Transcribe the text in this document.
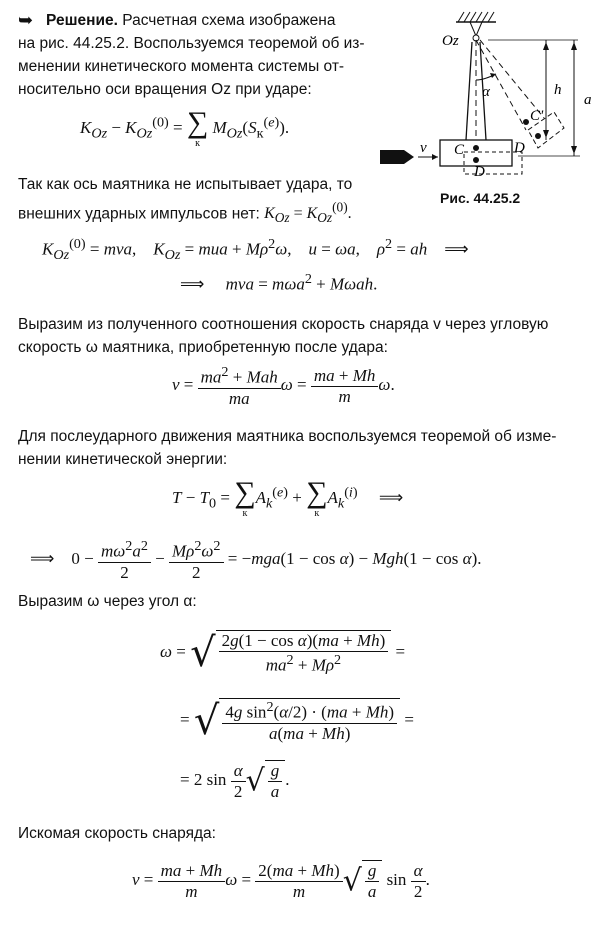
➥ Решение. Расчетная схема изображена
на рис. 44.25.2. Воспользуемся теоремой об из-
менении кинетического момента системы от-
носительно оси вращения Oz при ударе:
$K_{Oz} - K_{Oz}^{(0)}$ = ∑
к
$M_{Oz}(S_к^{(e)})$.
Oz
α	h
a
v C
D
C'
D
Рис. 44.25.2
Так как ось маятника не испытывает удара, то
внешних ударных импульсов нет: $K_{Oz} = K_{Oz}^{(0)}$.
$K_{Oz}^{(0)}$ = mva,    $K_{Oz}$ = mua + $M\rho^2\omega$,    u = ωa,    $\rho^2$ = ah    ⟹
⟹     mva = mωa$^2$ + Mωah.
Выразим из полученного соотношения скорость снаряда v через угловую
скорость ω маятника, приобретенную после удара:
$v = \frac{ma^2 + Mah}{ma}$ $\omega = \frac{ma + Mh}{m} \omega$.
Для послеударного движения маятника воспользуемся теоремой об изме-
нении кинетической энергии:
$T - T_0$ = ∑
к
$A_k^{(e)}$ + ∑
к
$A_k^{(i)}$     ⟹
⟹    $0 - \frac{m\omega^2a^2}{2} - \frac{M\rho^2\omega^2}{2} = -mga(1 - \cos \alpha) - Mgh(1 - \cos \alpha)$.
Выразим ω через угол α:
ω = √ $\frac{\text{2g(1 − cos α)(ma + Mh)}}{ma^2 + M\rho^2}$ =
= √ $\frac{4g \sin^2(\alpha/2) \cdot (ma + Mh)}{a(ma + Mh)}$ =
= 2 $\sin \frac{\alpha}{2}$ √ $\frac{g}{a}$ .
Искомая скорость снаряда:
$v = \frac{ma + Mh}{m}$ $\omega = \frac{2(ma + Mh)}{m}$ √ $\frac{g}{a}$ $\sin \frac{\alpha}{2}$ .
